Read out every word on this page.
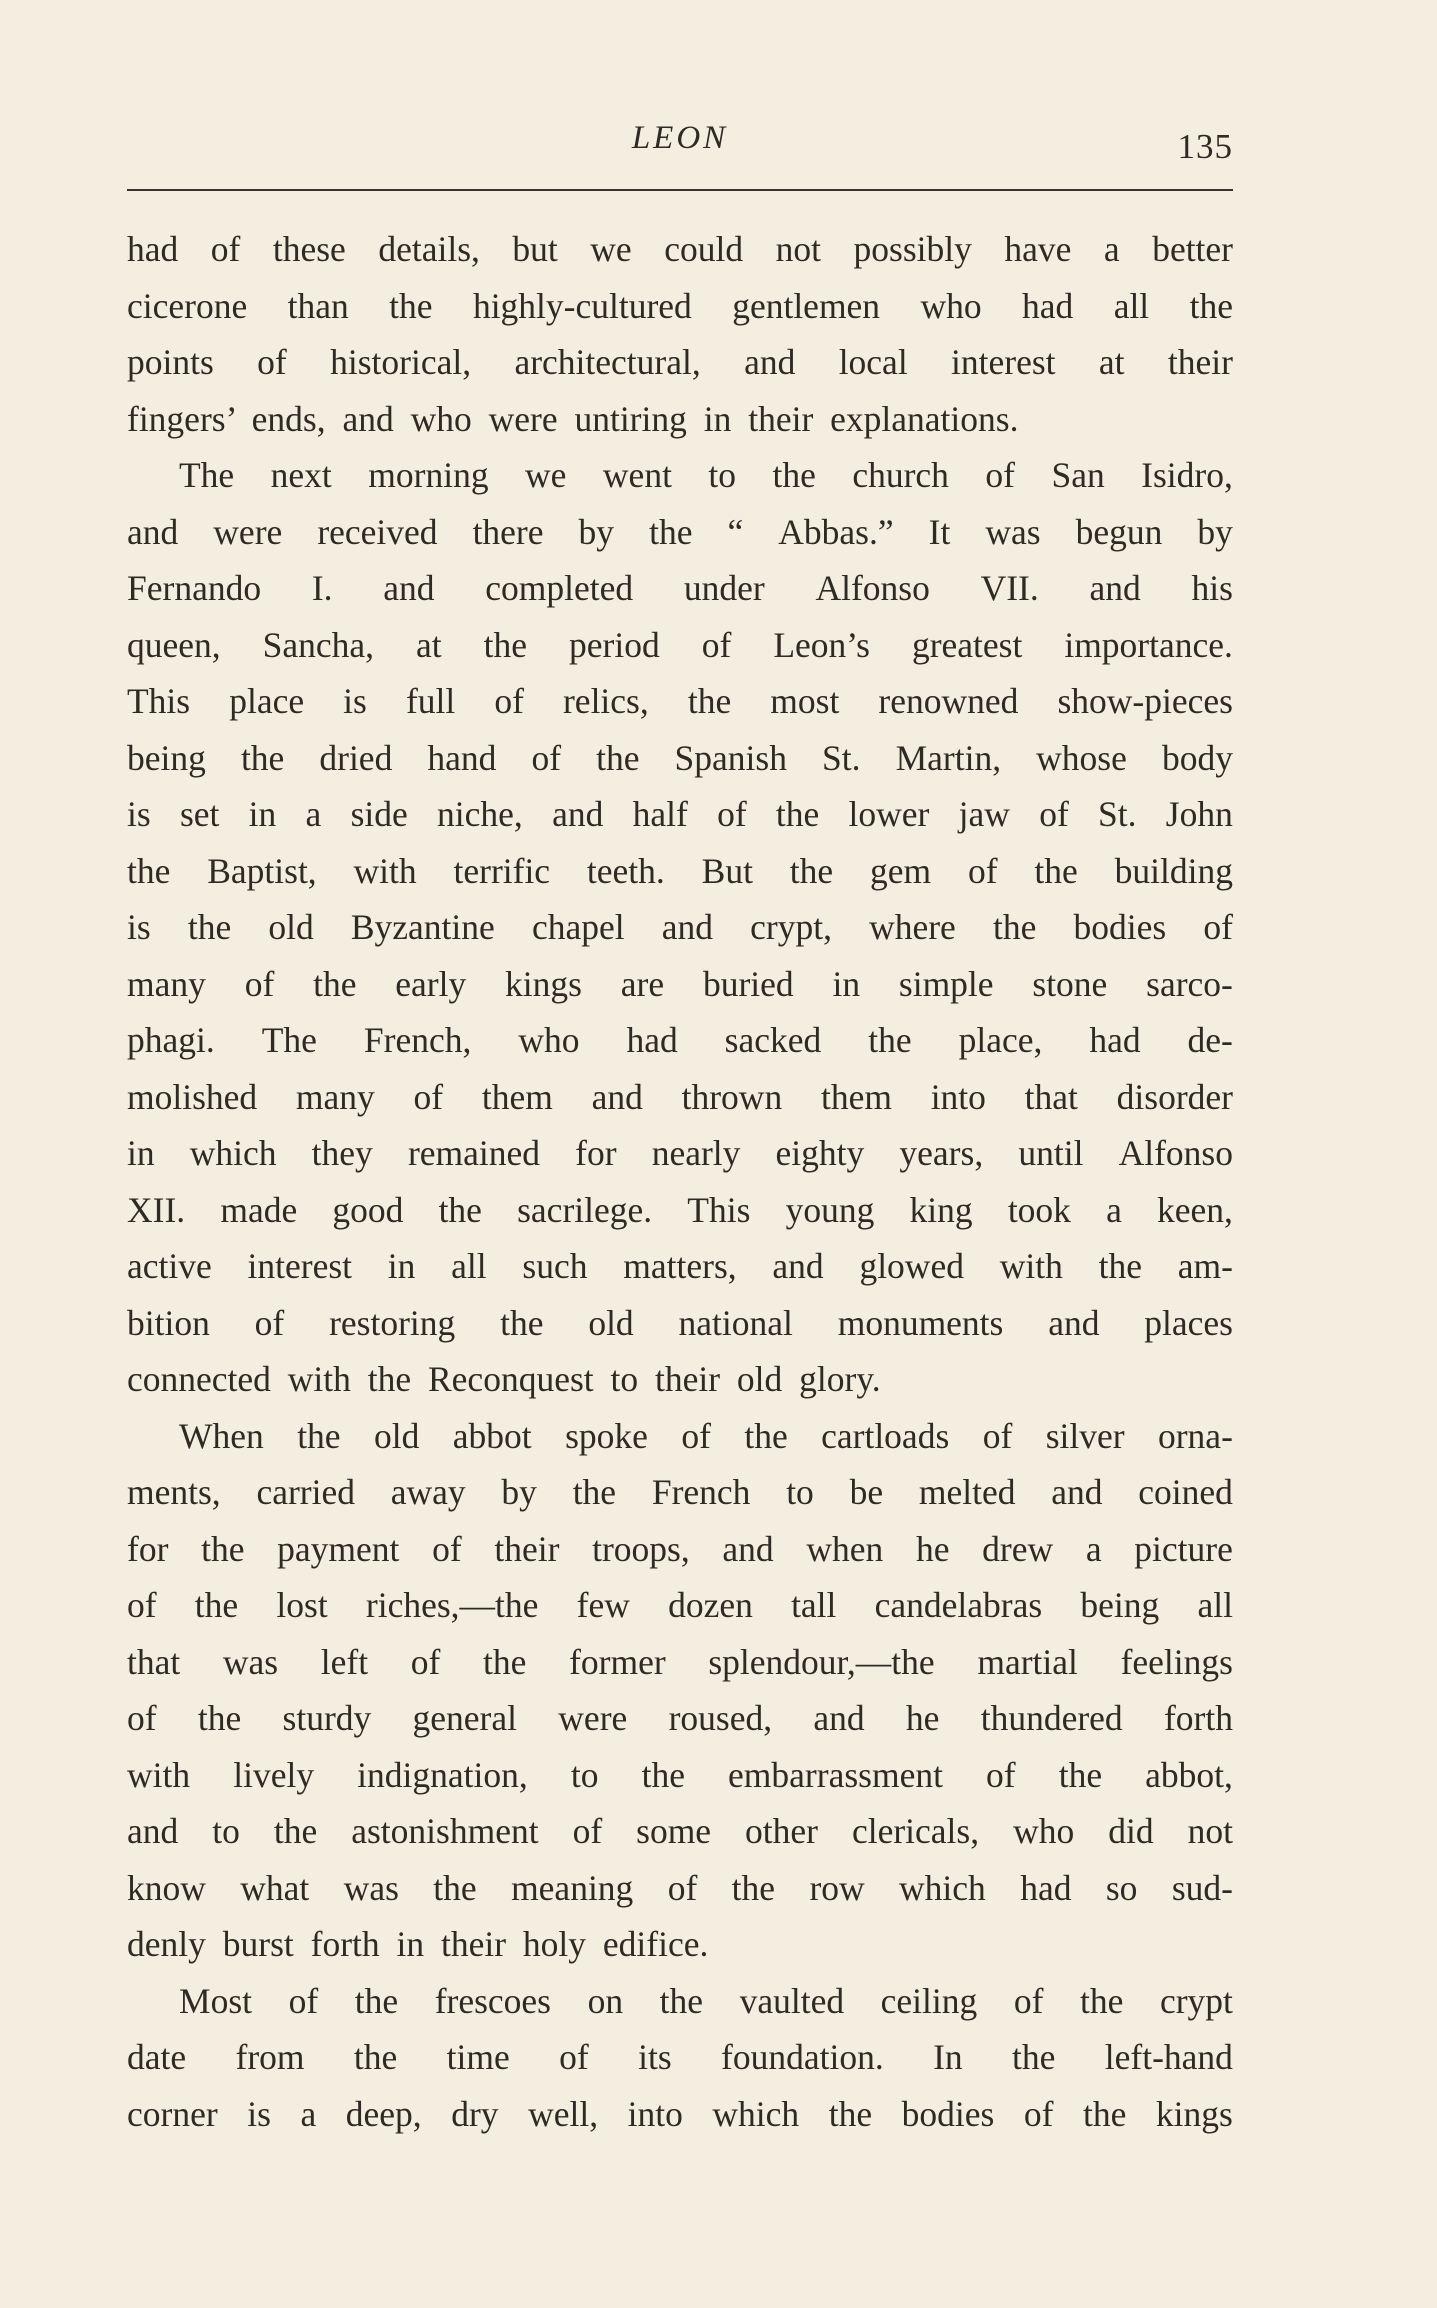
LEON	135
had of these details, but we could not possibly have a better
cicerone than the highly-cultured gentlemen who had all the
points of historical, architectural, and local interest at their
fingers’ ends, and who were untiring in their explanations.
The next morning we went to the church of San Isidro,
and were received there by the “ Abbas.” It was begun by
Fernando I. and completed under Alfonso VII. and his
queen, Sancha, at the period of Leon’s greatest importance.
This place is full of relics, the most renowned show-pieces
being the dried hand of the Spanish St. Martin, whose body
is set in a side niche, and half of the lower jaw of St. John
the Baptist, with terrific teeth. But the gem of the building
is the old Byzantine chapel and crypt, where the bodies of
many of the early kings are buried in simple stone sarco-
phagi. The French, who had sacked the place, had de-
molished many of them and thrown them into that disorder
in which they remained for nearly eighty years, until Alfonso
XII. made good the sacrilege. This young king took a keen,
active interest in all such matters, and glowed with the am-
bition of restoring the old national monuments and places
connected with the Reconquest to their old glory.
When the old abbot spoke of the cartloads of silver orna-
ments, carried away by the French to be melted and coined
for the payment of their troops, and when he drew a picture
of the lost riches,—the few dozen tall candelabras being all
that was left of the former splendour,—the martial feelings
of the sturdy general were roused, and he thundered forth
with lively indignation, to the embarrassment of the abbot,
and to the astonishment of some other clericals, who did not
know what was the meaning of the row which had so sud-
denly burst forth in their holy edifice.
Most of the frescoes on the vaulted ceiling of the crypt
date from the time of its foundation. In the left-hand
corner is a deep, dry well, into which the bodies of the kings
